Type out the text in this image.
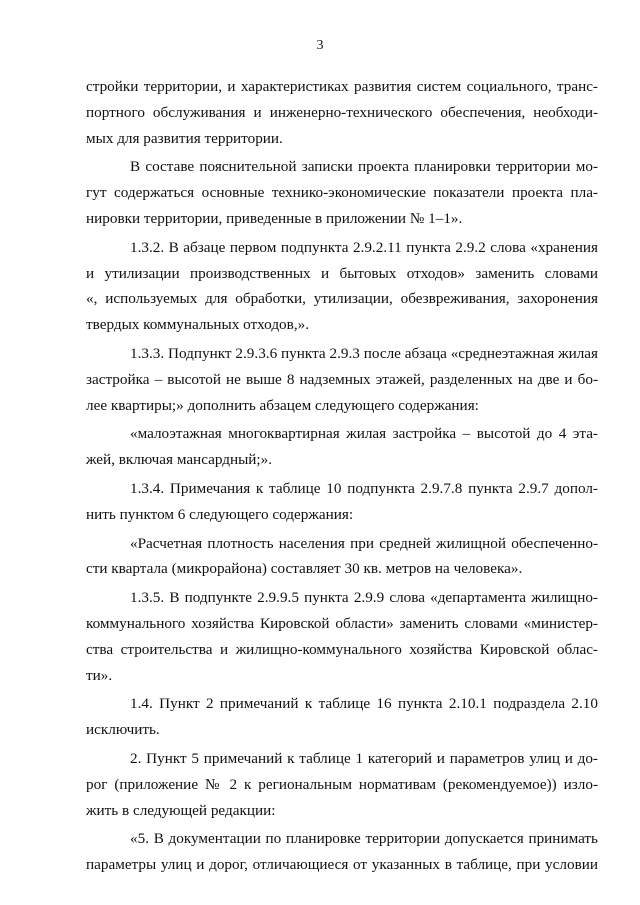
3
стройки территории, и характеристиках развития систем социального, транс-
портного обслуживания и инженерно-технического обеспечения, необходи-
мых для развития территории.
В составе пояснительной записки проекта планировки территории мо-
гут содержаться основные технико-экономические показатели проекта пла-
нировки территории, приведенные в приложении № 1–1».
1.3.2. В абзаце первом подпункта 2.9.2.11 пункта 2.9.2 слова «хранения
и утилизации производственных и бытовых отходов» заменить словами
«, используемых для обработки, утилизации, обезвреживания, захоронения
твердых коммунальных отходов,».
1.3.3. Подпункт 2.9.3.6 пункта 2.9.3 после абзаца «среднеэтажная жилая
застройка – высотой не выше 8 надземных этажей, разделенных на две и бо-
лее квартиры;» дополнить абзацем следующего содержания:
«малоэтажная многоквартирная жилая застройка – высотой до 4 эта-
жей, включая мансардный;».
1.3.4. Примечания к таблице 10 подпункта 2.9.7.8 пункта 2.9.7 допол-
нить пунктом 6 следующего содержания:
«Расчетная плотность населения при средней жилищной обеспеченно-
сти квартала (микрорайона) составляет 30 кв. метров на человека».
1.3.5. В подпункте 2.9.9.5 пункта 2.9.9 слова «департамента жилищно-
коммунального хозяйства Кировской области» заменить словами «министер-
ства строительства и жилищно-коммунального хозяйства Кировской облас-
ти».
1.4. Пункт 2 примечаний к таблице 16 пункта 2.10.1 подраздела 2.10
исключить.
2. Пункт 5 примечаний к таблице 1 категорий и параметров улиц и до-
рог (приложение № 2 к региональным нормативам (рекомендуемое)) изло-
жить в следующей редакции:
«5. В документации по планировке территории допускается принимать
параметры улиц и дорог, отличающиеся от указанных в таблице, при условии
